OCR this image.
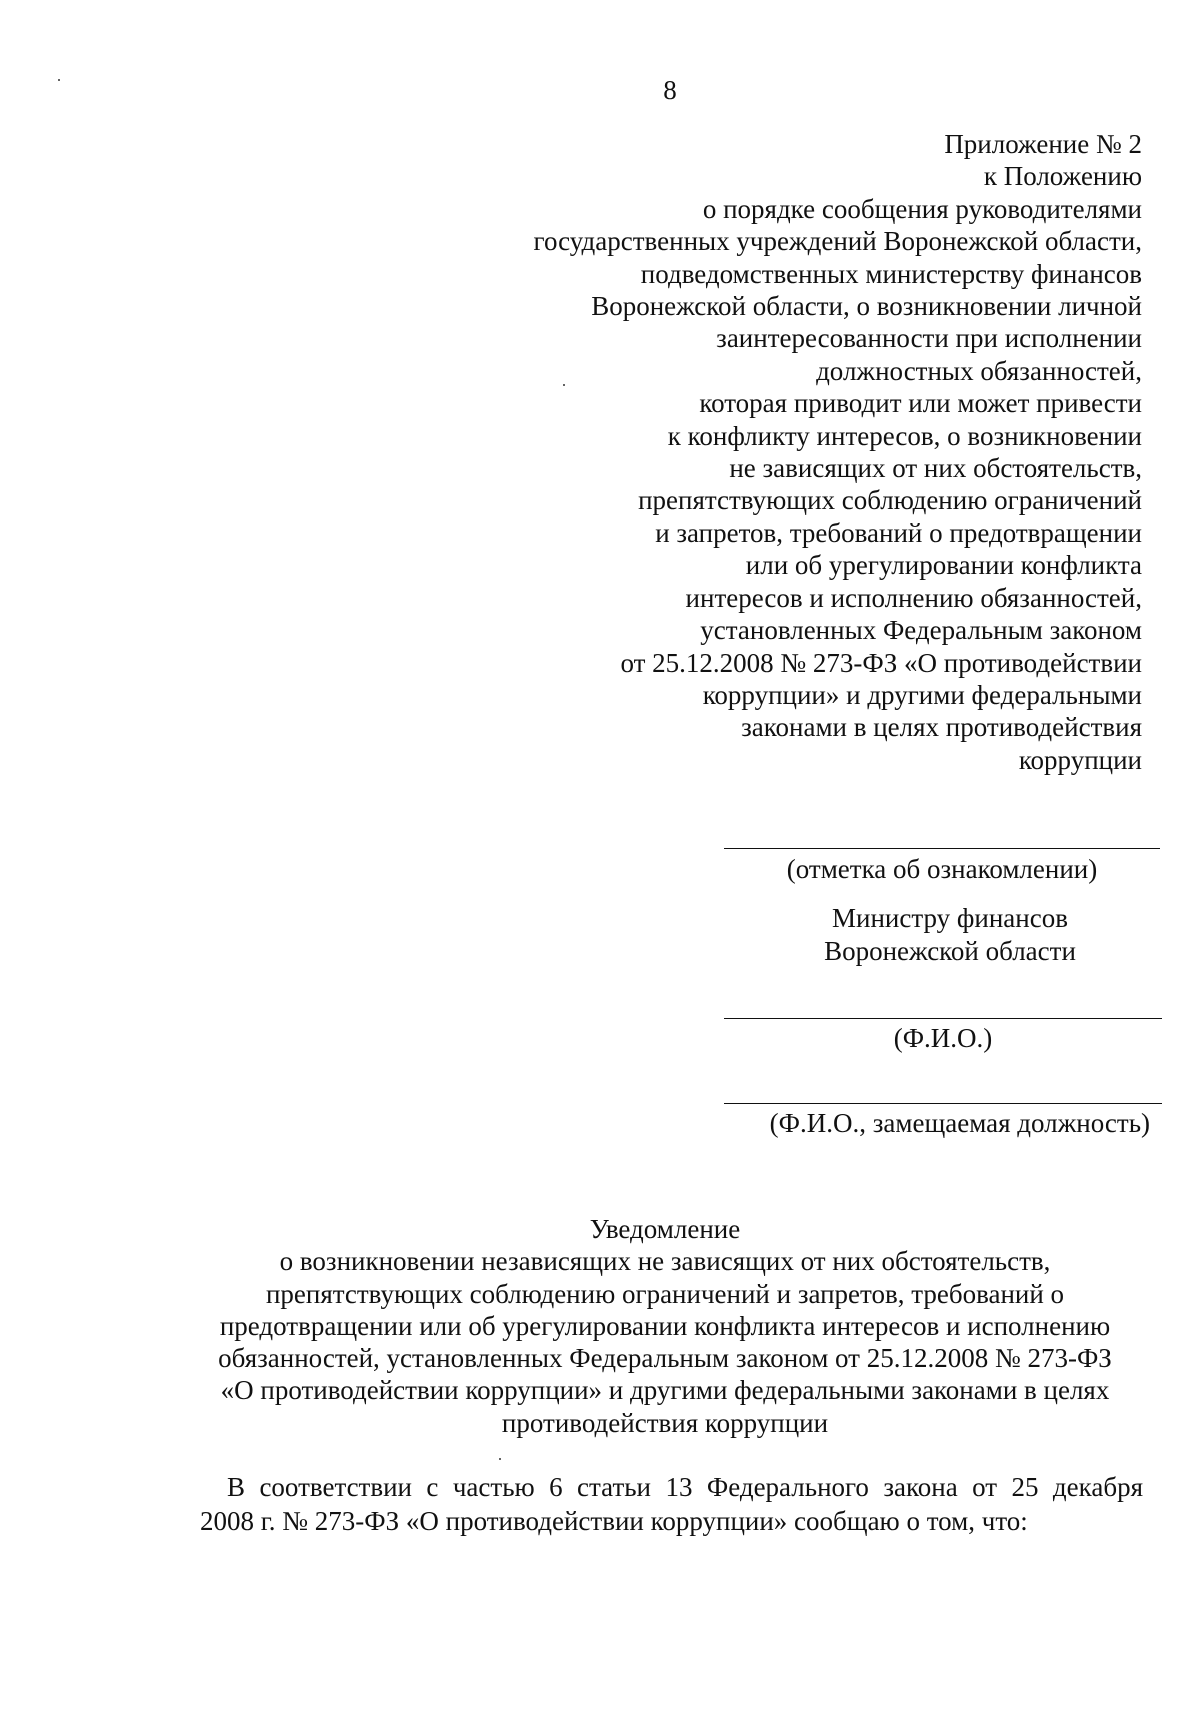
8
Приложение № 2
к Положению
о порядке сообщения руководителями
государственных учреждений Воронежской области,
подведомственных министерству финансов
Воронежской области, о возникновении личной
заинтересованности при исполнении
должностных обязанностей,
которая приводит или может привести
к конфликту интересов, о возникновении
не зависящих от них обстоятельств,
препятствующих соблюдению ограничений
и запретов, требований о предотвращении
или об урегулировании конфликта
интересов и исполнению обязанностей,
установленных Федеральным законом
от 25.12.2008 № 273-ФЗ «О противодействии
коррупции» и другими федеральными
законами в целях противодействия
коррупции
(отметка об ознакомлении)
Министру финансов
Воронежской области
(Ф.И.О.)
(Ф.И.О., замещаемая должность)
Уведомление
о возникновении независящих не зависящих от них обстоятельств,
препятствующих соблюдению ограничений и запретов, требований о
предотвращении или об урегулировании конфликта интересов и исполнению
обязанностей, установленных Федеральным законом от 25.12.2008 № 273-ФЗ
«О противодействии коррупции» и другими федеральными законами в целях
противодействия коррупции
В соответствии с частью 6 статьи 13 Федерального закона от 25 декабря
2008 г. № 273-ФЗ «О противодействии коррупции» сообщаю о том, что:
